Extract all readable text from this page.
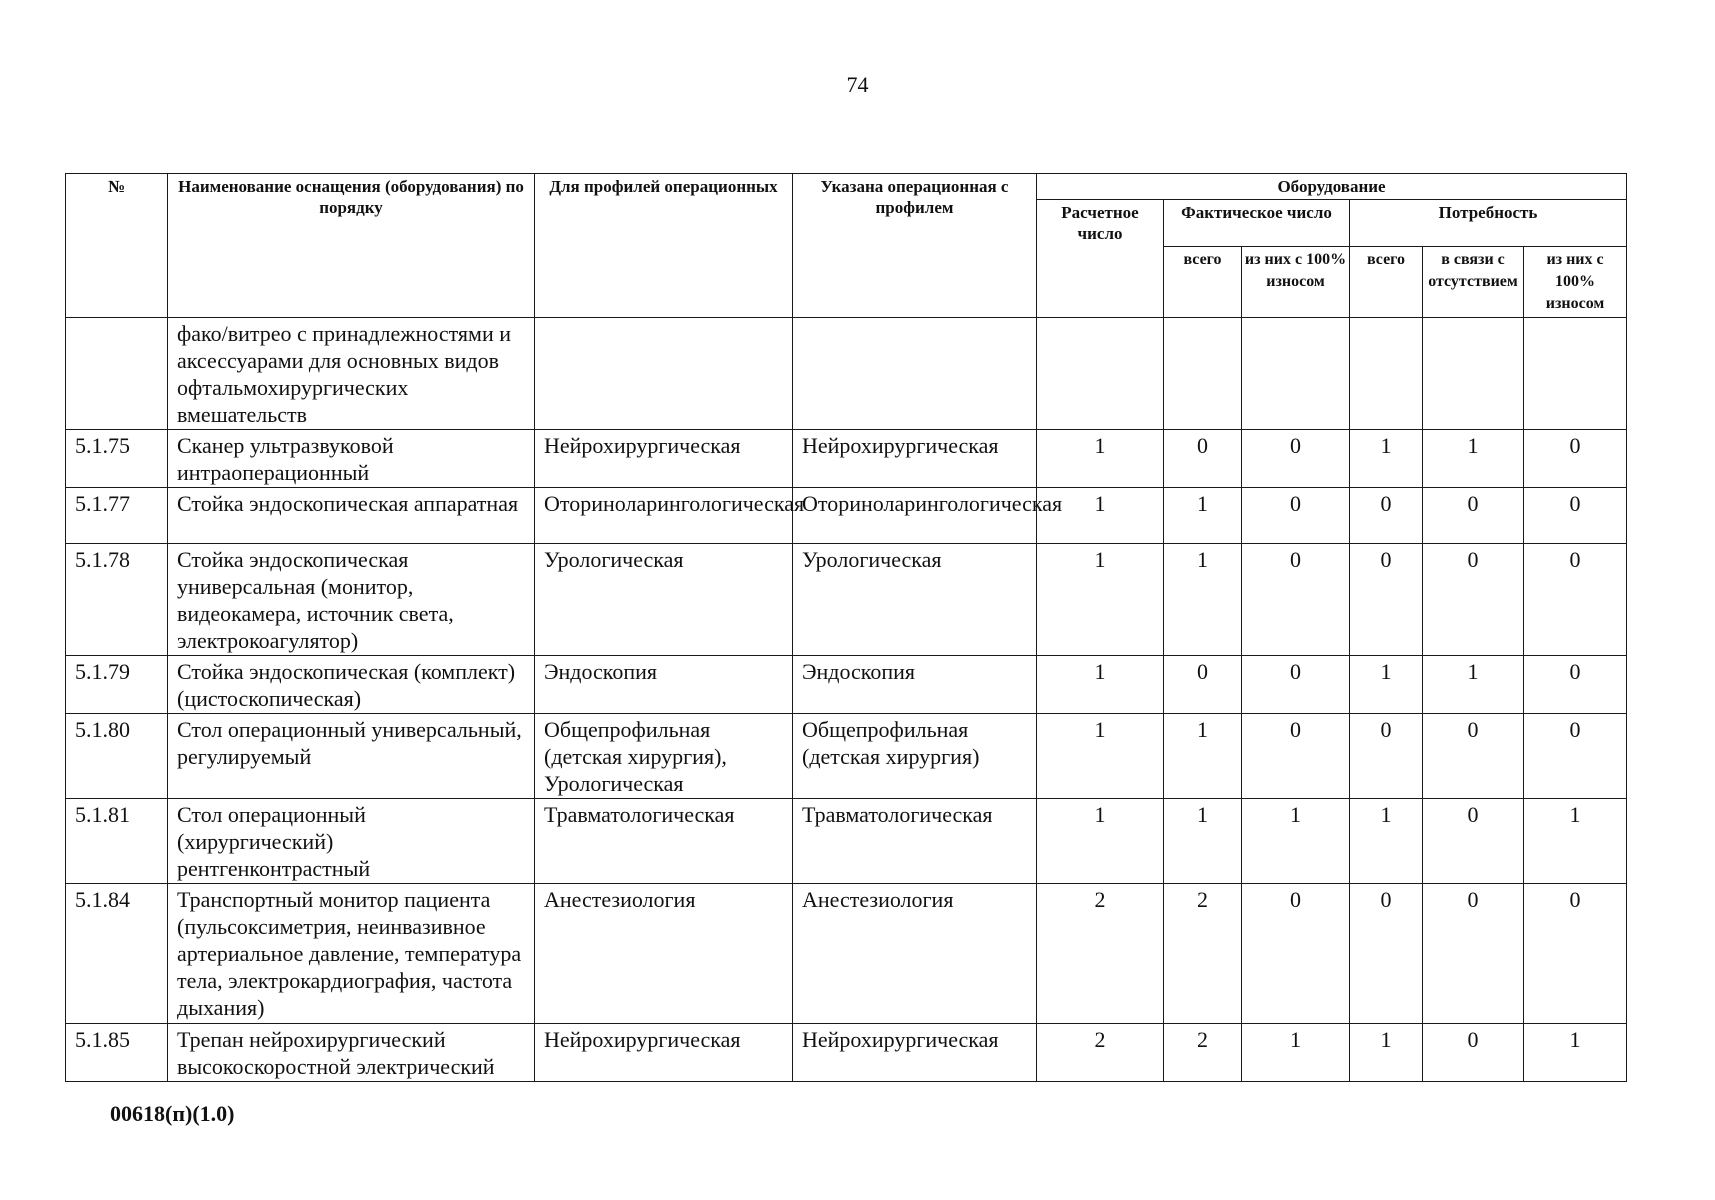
74
№	Наименование оснащения (оборудования) по порядку	Для профилей операционных	Указана операционная с профилем	Оборудование					
				Расчетное число	Фактическое число		Потребность		
					всего	из них с 100% износом	всего	в связи с отсутствием	из них с 100% износом
	фако/витрео с принадлежностями и аксессуарами для основных видов офтальмохирургических вмешательств								
5.1.75	Сканер ультразвуковой интраоперационный	Нейрохирургическая	Нейрохирургическая	1	0	0	1	1	0
5.1.77	Стойка эндоскопическая аппаратная	Оториноларингологическая	Оториноларингологическая	1	1	0	0	0	0
5.1.78	Стойка эндоскопическая универсальная (монитор, видеокамера, источник света, электрокоагулятор)	Урологическая	Урологическая	1	1	0	0	0	0
5.1.79	Стойка эндоскопическая (комплект)(цистоскопическая)	Эндоскопия	Эндоскопия	1	0	0	1	1	0
5.1.80	Стол операционный универсальный, регулируемый	Общепрофильная (детская хирургия), Урологическая	Общепрофильная (детская хирургия)	1	1	0	0	0	0
5.1.81	Стол операционный (хирургический) рентгенконтрастный	Травматологическая	Травматологическая	1	1	1	1	0	1
5.1.84	Транспортный монитор пациента (пульсоксиметрия, неинвазивное артериальное давление, температура тела, электрокардиография, частота дыхания)	Анестезиология	Анестезиология	2	2	0	0	0	0
5.1.85	Трепан нейрохирургический высокоскоростной электрический	Нейрохирургическая	Нейрохирургическая	2	2	1	1	0	1
00618(п)(1.0)
